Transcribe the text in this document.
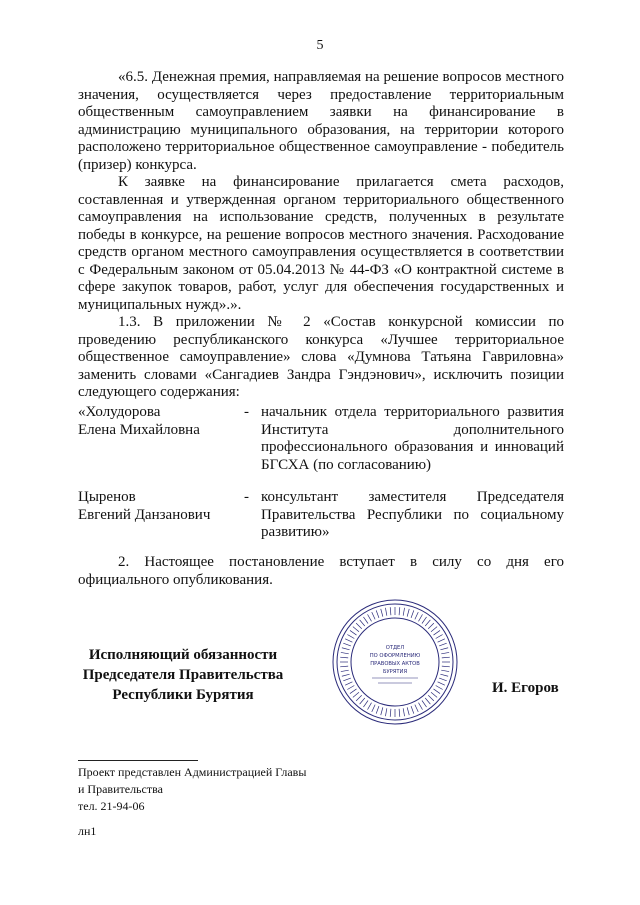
5

«6.5. Денежная премия, направляемая на решение вопросов местного значения, осуществляется через предоставление территориальным общественным самоуправлением заявки на финансирование в администрацию муниципального образования, на территории которого расположено территориальное общественное самоуправление - победитель (призер) конкурса.

К заявке на финансирование прилагается смета расходов, составленная и утвержденная органом территориального общественного самоуправления на использование средств, полученных в результате победы в конкурсе, на решение вопросов местного значения. Расходование средств органом местного самоуправления осуществляется в соответствии с Федеральным законом от 05.04.2013 № 44-ФЗ «О контрактной системе в сфере закупок товаров, работ, услуг для обеспечения государственных и муниципальных нужд».».

1.3. В приложении № 2 «Состав конкурсной комиссии по проведению республиканского конкурса «Лучшее территориальное общественное самоуправление» слова «Думнова Татьяна Гавриловна» заменить словами «Сангадиев Зандра Гэндэнович», исключить позиции следующего содержания:

«Холудорова
Елена Михайловна
- начальник отдела территориального развития Института дополнительного профессионального образования и инноваций БГСХА (по согласованию)
Цыренов
Евгений Данзанович
- консультант заместителя Председателя Правительства Республики по социальному развитию»

2. Настоящее постановление вступает в силу со дня его официального опубликования.

Исполняющий обязанности
Председателя Правительства
Республики Бурятия
ОТДЕЛ
ПО ОФОРМЛЕНИЮ
ПРАВОВЫХ АКТОВ
БУРЯТИЯ
И. Егоров
Проект представлен Администрацией Главы
и Правительства
тел. 21-94-06
лн1
